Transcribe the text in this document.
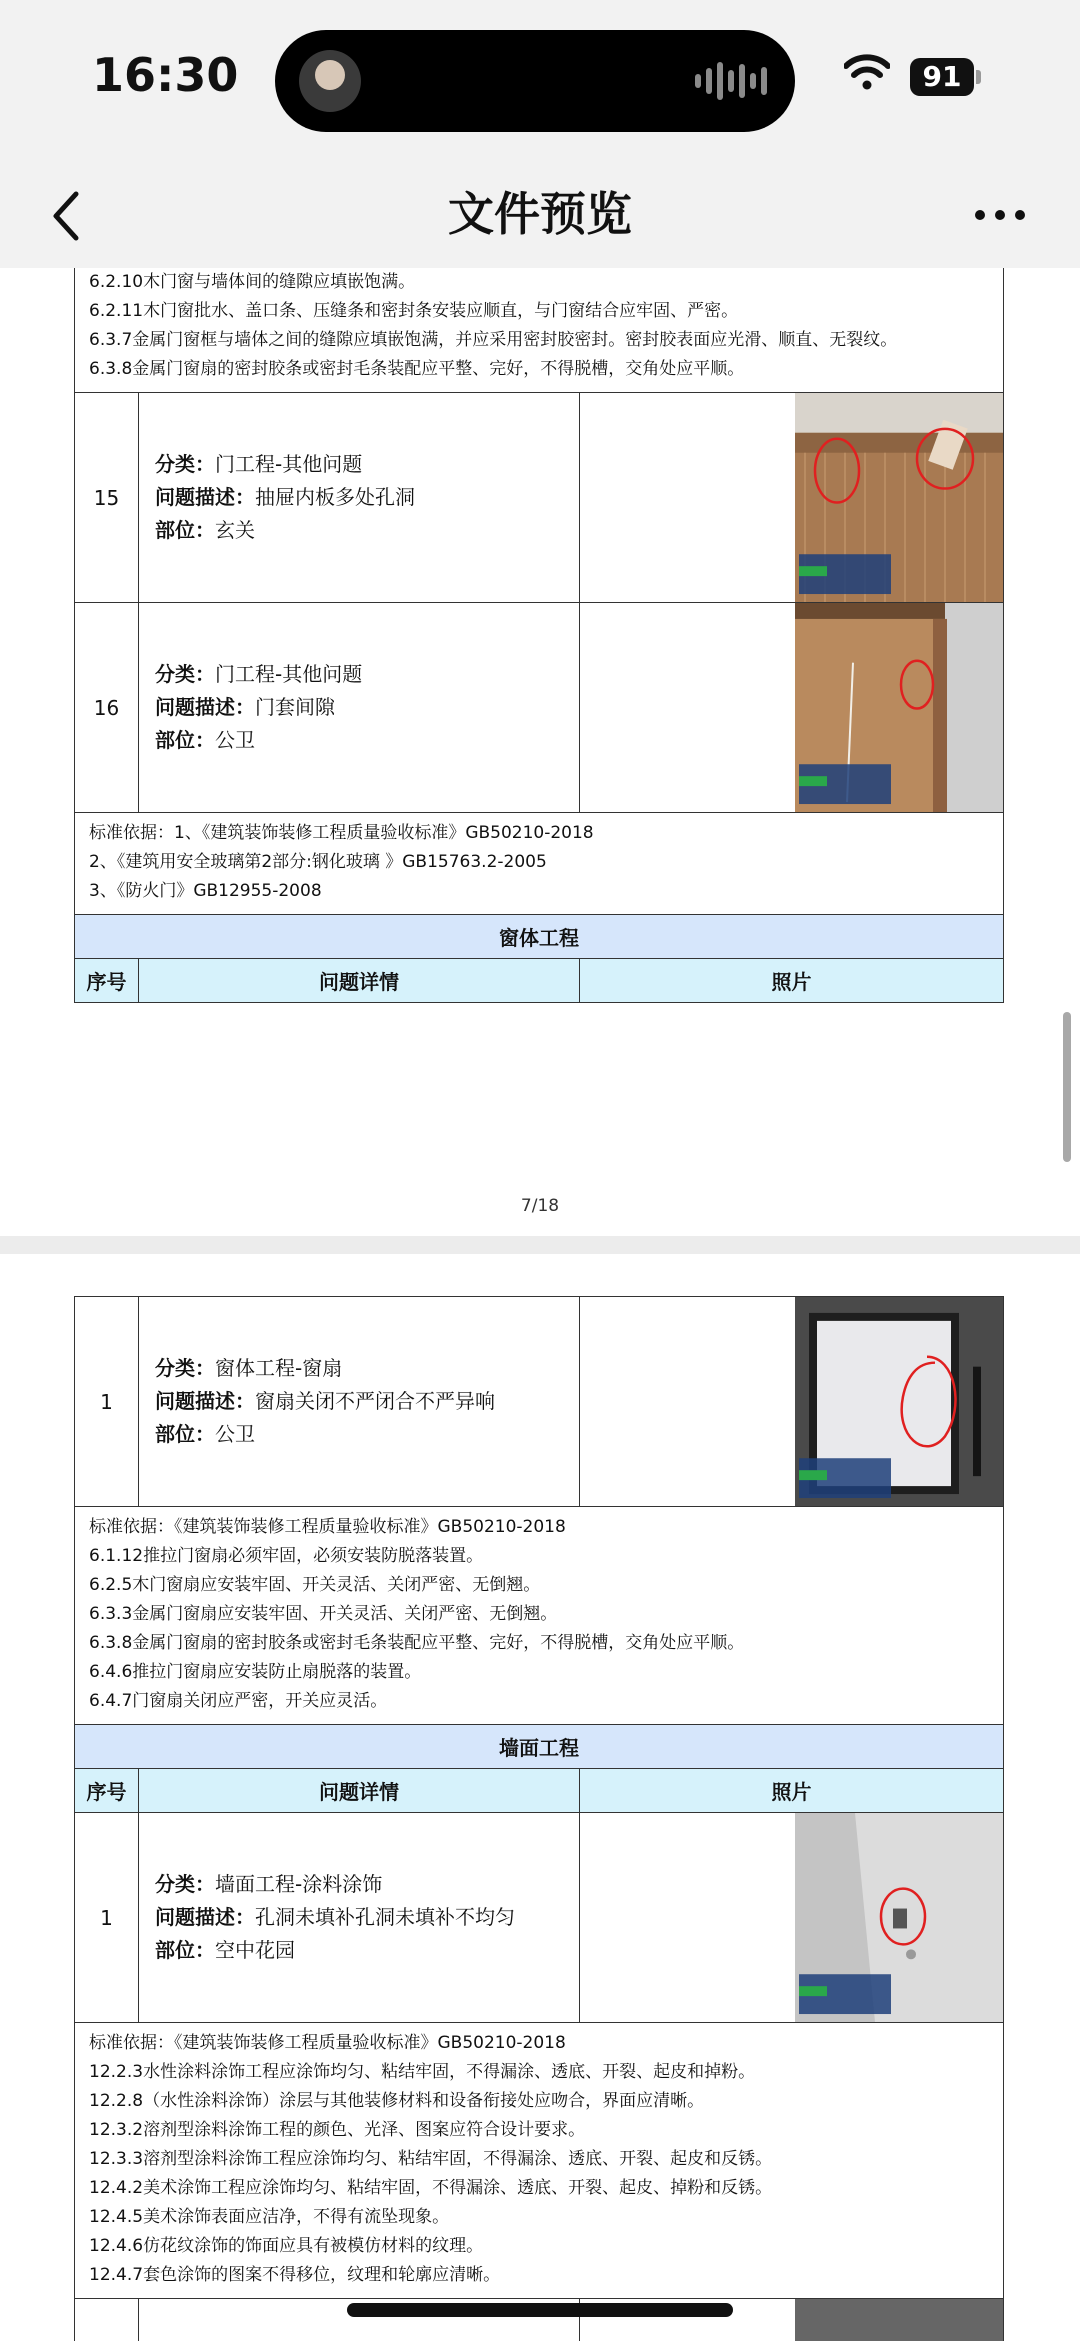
16:30	91
文件预览
6.2.10木门窗与墙体间的缝隙应填嵌饱满。
6.2.11木门窗批水、盖口条、压缝条和密封条安装应顺直，与门窗结合应牢固、严密。
6.3.7金属门窗框与墙体之间的缝隙应填嵌饱满，并应采用密封胶密封。密封胶表面应光滑、顺直、无裂纹。
6.3.8金属门窗扇的密封胶条或密封毛条装配应平整、完好，不得脱槽，交角处应平顺。
15
分类：门工程-其他问题
问题描述：抽屉内板多处孔洞
部位：玄关
16
分类：门工程-其他问题
问题描述：门套间隙
部位：公卫
标准依据：1、《建筑装饰装修工程质量验收标准》GB50210-2018
2、《建筑用安全玻璃第2部分:钢化玻璃 》GB15763.2-2005
3、《防火门》GB12955-2008
窗体工程
序号	问题详情	照片
7/18
1
分类：窗体工程-窗扇
问题描述：窗扇关闭不严闭合不严异响
部位：公卫
标准依据：《建筑装饰装修工程质量验收标准》GB50210-2018
6.1.12推拉门窗扇必须牢固，必须安装防脱落装置。
6.2.5木门窗扇应安装牢固、开关灵活、关闭严密、无倒翘。
6.3.3金属门窗扇应安装牢固、开关灵活、关闭严密、无倒翘。
6.3.8金属门窗扇的密封胶条或密封毛条装配应平整、完好，不得脱槽，交角处应平顺。
6.4.6推拉门窗扇应安装防止扇脱落的装置。
6.4.7门窗扇关闭应严密，开关应灵活。
墙面工程
序号	问题详情	照片
1
分类：墙面工程-涂料涂饰
问题描述：孔洞未填补孔洞未填补不均匀
部位：空中花园
标准依据：《建筑装饰装修工程质量验收标准》GB50210-2018
12.2.3水性涂料涂饰工程应涂饰均匀、粘结牢固，不得漏涂、透底、开裂、起皮和掉粉。
12.2.8（水性涂料涂饰）涂层与其他装修材料和设备衔接处应吻合，界面应清晰。
12.3.2溶剂型涂料涂饰工程的颜色、光泽、图案应符合设计要求。
12.3.3溶剂型涂料涂饰工程应涂饰均匀、粘结牢固，不得漏涂、透底、开裂、起皮和反锈。
12.4.2美术涂饰工程应涂饰均匀、粘结牢固，不得漏涂、透底、开裂、起皮、掉粉和反锈。
12.4.5美术涂饰表面应洁净，不得有流坠现象。
12.4.6仿花纹涂饰的饰面应具有被模仿材料的纹理。
12.4.7套色涂饰的图案不得移位，纹理和轮廓应清晰。
